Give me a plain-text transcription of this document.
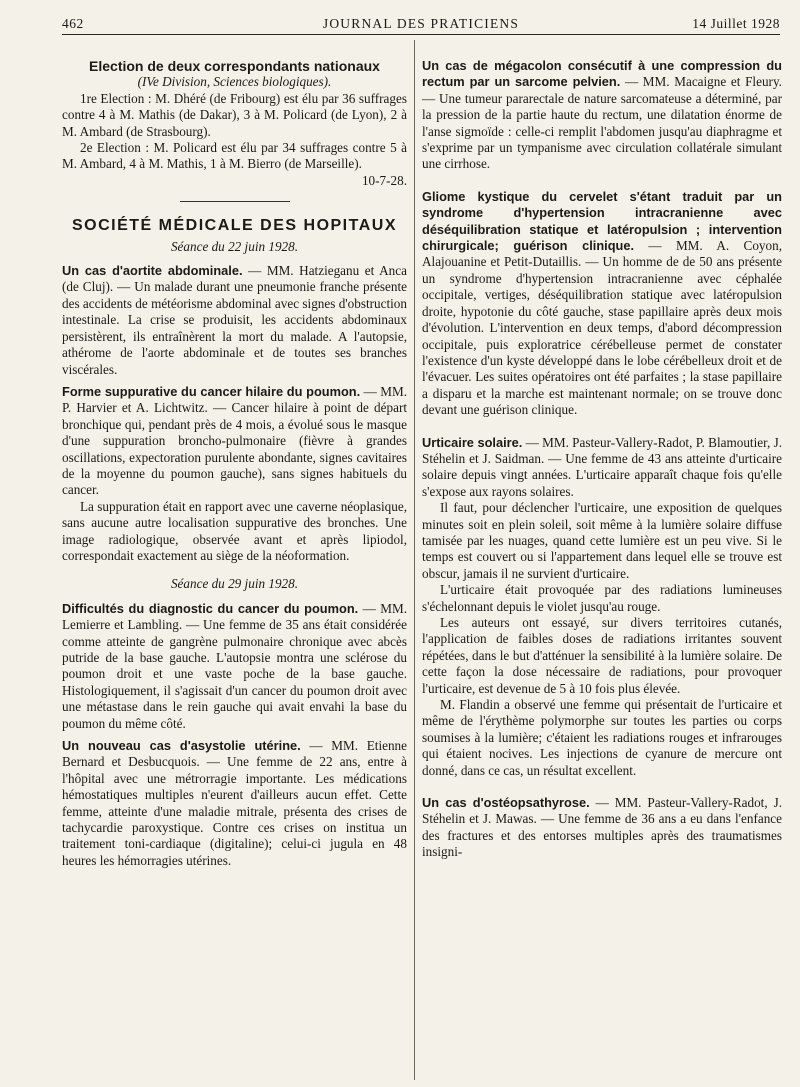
462	JOURNAL DES PRATICIENS	14 Juillet 1928

Election de deux correspondants nationaux

(IVe Division, Sciences biologiques).

1re Election : M. Dhéré (de Fribourg) est élu par 36 suffrages contre 4 à M. Mathis (de Dakar), 3 à M. Policard (de Lyon), 2 à M. Ambard (de Strasbourg).

2e Election : M. Policard est élu par 34 suffrages contre 5 à M. Ambard, 4 à M. Mathis, 1 à M. Bierro (de Marseille).

10-7-28.

SOCIÉTÉ MÉDICALE DES HOPITAUX

Séance du 22 juin 1928.

Un cas d'aortite abdominale. — MM. Hatzieganu et Anca (de Cluj). — Un malade durant une pneumonie franche présente des accidents de météorisme abdominal avec signes d'obstruction intestinale. La crise se produisit, les accidents abdominaux persistèrent, ils entraînèrent la mort du malade. A l'autopsie, athérome de l'aorte abdominale et de toutes ses branches viscérales.

Forme suppurative du cancer hilaire du poumon. — MM. P. Harvier et A. Lichtwitz. — Cancer hilaire à point de départ bronchique qui, pendant près de 4 mois, a évolué sous le masque d'une suppuration broncho-pulmonaire (fièvre à grandes oscillations, expectoration purulente abondante, signes cavitaires de la moyenne du poumon gauche), sans signes habituels du cancer.

La suppuration était en rapport avec une caverne néoplasique, sans aucune autre localisation suppurative des bronches. Une image radiologique, observée avant et après lipiodol, correspondait exactement au siège de la néoformation.

Séance du 29 juin 1928.

Difficultés du diagnostic du cancer du poumon. — MM. Lemierre et Lambling. — Une femme de 35 ans était considérée comme atteinte de gangrène pulmonaire chronique avec abcès putride de la base gauche. L'autopsie montra une sclérose du poumon droit et une vaste poche de la base gauche. Histologiquement, il s'agissait d'un cancer du poumon droit avec une métastase dans le rein gauche qui avait envahi la base du poumon du même côté.

Un nouveau cas d'asystolie utérine. — MM. Etienne Bernard et Desbucquois. — Une femme de 22 ans, entre à l'hôpital avec une métrorragie importante. Les médications hémostatiques multiples n'eurent d'ailleurs aucun effet. Cette femme, atteinte d'une maladie mitrale, présenta des crises de tachycardie paroxystique. Contre ces crises on institua un traitement toni-cardiaque (digitaline); celui-ci jugula en 48 heures les hémorragies utérines.

Un cas de mégacolon consécutif à une compression du rectum par un sarcome pelvien. — MM. Macaigne et Fleury. — Une tumeur pararectale de nature sarcomateuse a déterminé, par la pression de la partie haute du rectum, une dilatation énorme de l'anse sigmoïde : celle-ci remplit l'abdomen jusqu'au diaphragme et s'exprime par un tympanisme avec circulation collatérale simulant une cirrhose.

Gliome kystique du cervelet s'étant traduit par un syndrome d'hypertension intracranienne avec déséquilibration statique et latéropulsion ; intervention chirurgicale; guérison clinique. — MM. A. Coyon, Alajouanine et Petit-Dutaillis. — Un homme de de 50 ans présente un syndrome d'hypertension intracranienne avec céphalée occipitale, vertiges, déséquilibration statique avec latéropulsion droite, hypotonie du côté gauche, stase papillaire après deux mois d'évolution. L'intervention en deux temps, d'abord décompression occipitale, puis exploratrice cérébelleuse permet de constater l'existence d'un kyste développé dans le lobe cérébelleux droit et de l'évacuer. Les suites opératoires ont été parfaites ; la stase papillaire a disparu et la marche est maintenant normale; on se trouve donc devant une guérison clinique.

Urticaire solaire. — MM. Pasteur-Vallery-Radot, P. Blamoutier, J. Stéhelin et J. Saidman. — Une femme de 43 ans atteinte d'urticaire solaire depuis vingt années. L'urticaire apparaît chaque fois qu'elle s'expose aux rayons solaires.

Il faut, pour déclencher l'urticaire, une exposition de quelques minutes soit en plein soleil, soit même à la lumière solaire diffuse tamisée par les nuages, quand cette lumière est un peu vive. Si le temps est couvert ou si l'appartement dans lequel elle se trouve est obscur, jamais il ne survient d'urticaire.

L'urticaire était provoquée par des radiations lumineuses s'échelonnant depuis le violet jusqu'au rouge.

Les auteurs ont essayé, sur divers territoires cutanés, l'application de faibles doses de radiations irritantes souvent répétées, dans le but d'atténuer la sensibilité à la lumière solaire. De cette façon la dose nécessaire de radiations, pour provoquer l'urticaire, est devenue de 5 à 10 fois plus élevée.

M. Flandin a observé une femme qui présentait de l'urticaire et même de l'érythème polymorphe sur toutes les parties ou corps soumises à la lumière; c'étaient les radiations rouges et infrarouges qui étaient nocives. Les injections de cyanure de mercure ont donné, dans ce cas, un résultat excellent.

Un cas d'ostéopsathyrose. — MM. Pasteur-Vallery-Radot, J. Stéhelin et J. Mawas. — Une femme de 36 ans a eu dans l'enfance des fractures et des entorses multiples après des traumatismes insigni-
